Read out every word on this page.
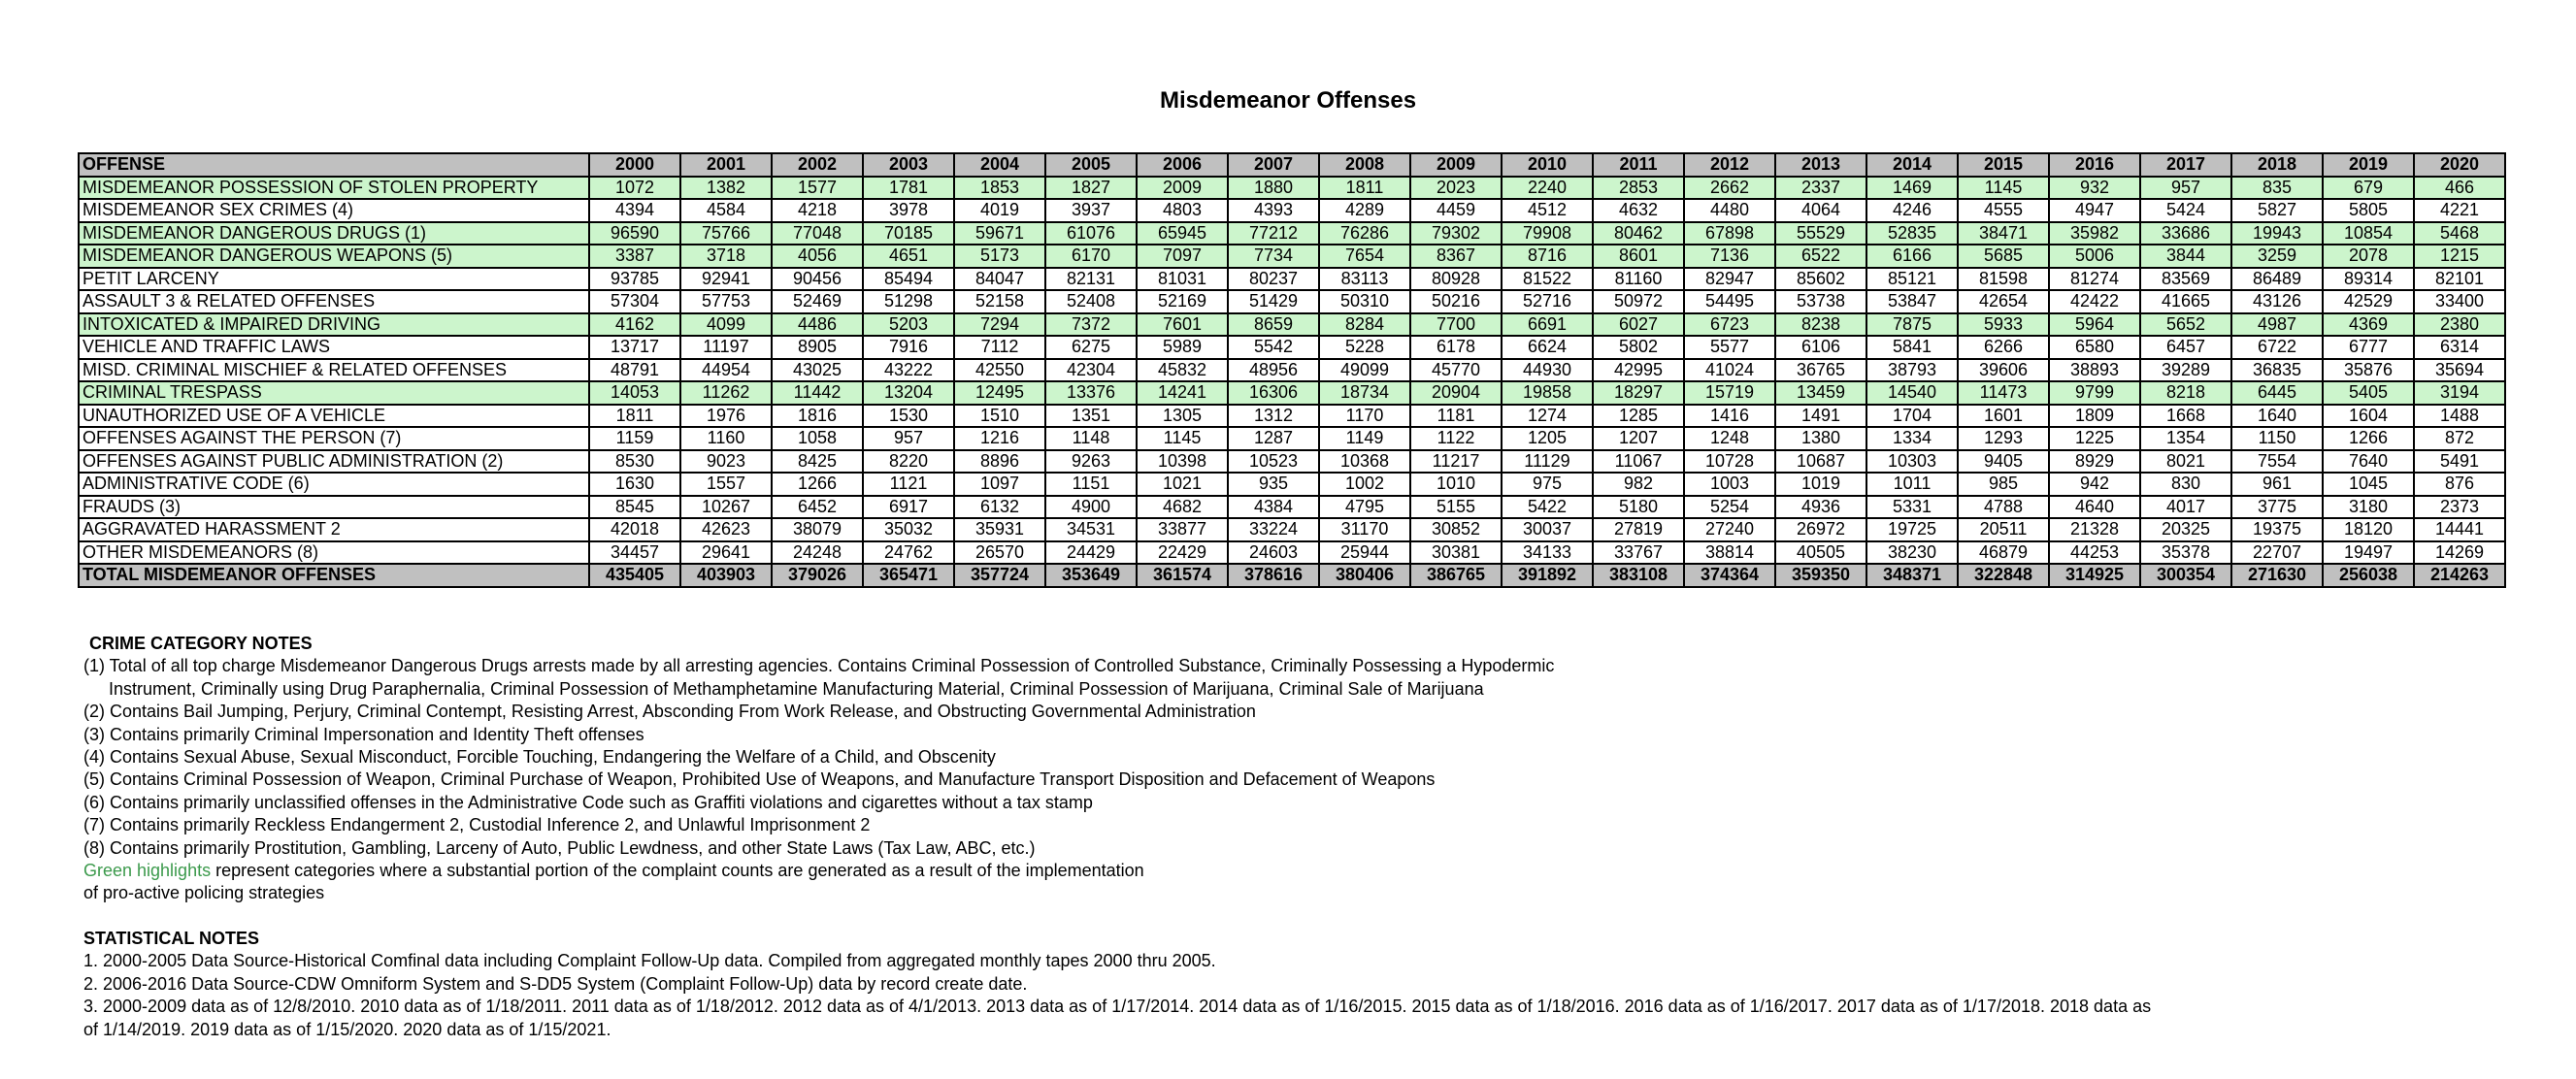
Misdemeanor Offenses
OFFENSE	2000	2001	2002	2003	2004	2005	2006	2007	2008	2009	2010	2011	2012	2013	2014	2015	2016	2017	2018	2019	2020
MISDEMEANOR POSSESSION OF STOLEN PROPERTY	1072	1382	1577	1781	1853	1827	2009	1880	1811	2023	2240	2853	2662	2337	1469	1145	932	957	835	679	466
MISDEMEANOR SEX CRIMES (4)	4394	4584	4218	3978	4019	3937	4803	4393	4289	4459	4512	4632	4480	4064	4246	4555	4947	5424	5827	5805	4221
MISDEMEANOR DANGEROUS DRUGS (1)	96590	75766	77048	70185	59671	61076	65945	77212	76286	79302	79908	80462	67898	55529	52835	38471	35982	33686	19943	10854	5468
MISDEMEANOR DANGEROUS WEAPONS (5)	3387	3718	4056	4651	5173	6170	7097	7734	7654	8367	8716	8601	7136	6522	6166	5685	5006	3844	3259	2078	1215
PETIT LARCENY	93785	92941	90456	85494	84047	82131	81031	80237	83113	80928	81522	81160	82947	85602	85121	81598	81274	83569	86489	89314	82101
ASSAULT 3 & RELATED OFFENSES	57304	57753	52469	51298	52158	52408	52169	51429	50310	50216	52716	50972	54495	53738	53847	42654	42422	41665	43126	42529	33400
INTOXICATED & IMPAIRED DRIVING	4162	4099	4486	5203	7294	7372	7601	8659	8284	7700	6691	6027	6723	8238	7875	5933	5964	5652	4987	4369	2380
VEHICLE AND TRAFFIC LAWS	13717	11197	8905	7916	7112	6275	5989	5542	5228	6178	6624	5802	5577	6106	5841	6266	6580	6457	6722	6777	6314
MISD. CRIMINAL MISCHIEF & RELATED OFFENSES	48791	44954	43025	43222	42550	42304	45832	48956	49099	45770	44930	42995	41024	36765	38793	39606	38893	39289	36835	35876	35694
CRIMINAL TRESPASS	14053	11262	11442	13204	12495	13376	14241	16306	18734	20904	19858	18297	15719	13459	14540	11473	9799	8218	6445	5405	3194
UNAUTHORIZED USE OF A VEHICLE	1811	1976	1816	1530	1510	1351	1305	1312	1170	1181	1274	1285	1416	1491	1704	1601	1809	1668	1640	1604	1488
OFFENSES AGAINST THE PERSON (7)	1159	1160	1058	957	1216	1148	1145	1287	1149	1122	1205	1207	1248	1380	1334	1293	1225	1354	1150	1266	872
OFFENSES AGAINST PUBLIC ADMINISTRATION (2)	8530	9023	8425	8220	8896	9263	10398	10523	10368	11217	11129	11067	10728	10687	10303	9405	8929	8021	7554	7640	5491
ADMINISTRATIVE CODE (6)	1630	1557	1266	1121	1097	1151	1021	935	1002	1010	975	982	1003	1019	1011	985	942	830	961	1045	876
FRAUDS (3)	8545	10267	6452	6917	6132	4900	4682	4384	4795	5155	5422	5180	5254	4936	5331	4788	4640	4017	3775	3180	2373
AGGRAVATED HARASSMENT 2	42018	42623	38079	35032	35931	34531	33877	33224	31170	30852	30037	27819	27240	26972	19725	20511	21328	20325	19375	18120	14441
OTHER MISDEMEANORS (8)	34457	29641	24248	24762	26570	24429	22429	24603	25944	30381	34133	33767	38814	40505	38230	46879	44253	35378	22707	19497	14269
TOTAL MISDEMEANOR OFFENSES	435405	403903	379026	365471	357724	353649	361574	378616	380406	386765	391892	383108	374364	359350	348371	322848	314925	300354	271630	256038	214263
CRIME CATEGORY NOTES
(1) Total of all top charge Misdemeanor Dangerous Drugs arrests made by all arresting agencies. Contains Criminal Possession of Controlled Substance, Criminally Possessing a Hypodermic
Instrument, Criminally using Drug Paraphernalia, Criminal Possession of Methamphetamine Manufacturing Material, Criminal Possession of Marijuana, Criminal Sale of Marijuana
(2) Contains Bail Jumping, Perjury, Criminal Contempt, Resisting Arrest, Absconding From Work Release, and Obstructing Governmental Administration
(3) Contains primarily Criminal Impersonation and Identity Theft offenses
(4) Contains Sexual Abuse, Sexual Misconduct, Forcible Touching, Endangering the Welfare of a Child, and Obscenity
(5) Contains Criminal Possession of Weapon, Criminal Purchase of Weapon, Prohibited Use of Weapons, and Manufacture Transport Disposition and Defacement of Weapons
(6) Contains primarily unclassified offenses in the Administrative Code such as Graffiti violations and cigarettes without a tax stamp
(7) Contains primarily Reckless Endangerment 2, Custodial Inference 2, and Unlawful Imprisonment 2
(8) Contains primarily Prostitution, Gambling, Larceny of Auto, Public Lewdness, and other State Laws (Tax Law, ABC, etc.)
Green highlights represent categories where a substantial portion of the complaint counts are generated as a result of the implementation
of pro-active policing strategies
STATISTICAL NOTES
1. 2000-2005 Data Source-Historical Comfinal data including Complaint Follow-Up data. Compiled from aggregated monthly tapes 2000 thru 2005.
2. 2006-2016 Data Source-CDW Omniform System and S-DD5 System (Complaint Follow-Up) data by record create date.
3. 2000-2009 data as of 12/8/2010. 2010 data as of 1/18/2011. 2011 data as of 1/18/2012. 2012 data as of 4/1/2013. 2013 data as of 1/17/2014. 2014 data as of 1/16/2015. 2015 data as of 1/18/2016. 2016 data as of 1/16/2017. 2017 data as of 1/17/2018. 2018 data as
of 1/14/2019. 2019 data as of 1/15/2020. 2020 data as of 1/15/2021.
